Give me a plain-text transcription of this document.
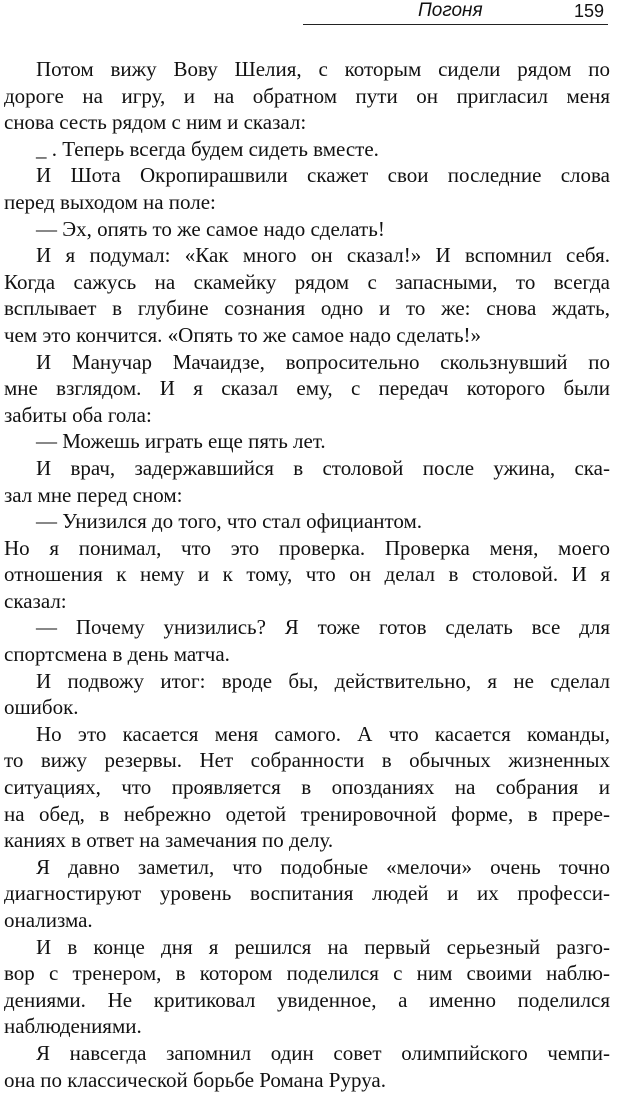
Погоня	159
Потом вижу Вову Шелия, с которым сидели рядом по
дороге на игру, и на обратном пути он пригласил меня
снова сесть рядом с ним и сказал:
_ . Теперь всегда будем сидеть вместе.
И Шота Окропирашвили скажет свои последние слова
перед выходом на поле:
— Эх, опять то же самое надо сделать!
И я подумал: «Как много он сказал!» И вспомнил себя.
Когда сажусь на скамейку рядом с запасными, то всегда
всплывает в глубине сознания одно и то же: снова ждать,
чем это кончится. «Опять то же самое надо сделать!»
И Манучар Мачаидзе, вопросительно скользнувший по
мне взглядом. И я сказал ему, с передач которого были
забиты оба гола:
— Можешь играть еще пять лет.
И врач, задержавшийся в столовой после ужина, ска-
зал мне перед сном:
— Унизился до того, что стал официантом.
Но я понимал, что это проверка. Проверка меня, моего
отношения к нему и к тому, что он делал в столовой. И я
сказал:
— Почему унизились? Я тоже готов сделать все для
спортсмена в день матча.
И подвожу итог: вроде бы, действительно, я не сделал
ошибок.
Но это касается меня самого. А что касается команды,
то вижу резервы. Нет собранности в обычных жизненных
ситуациях, что проявляется в опозданиях на собрания и
на обед, в небрежно одетой тренировочной форме, в прере-
каниях в ответ на замечания по делу.
Я давно заметил, что подобные «мелочи» очень точно
диагностируют уровень воспитания людей и их професси-
онализма.
И в конце дня я решился на первый серьезный разго-
вор с тренером, в котором поделился с ним своими наблю-
дениями. Не критиковал увиденное, а именно поделился
наблюдениями.
Я навсегда запомнил один совет олимпийского чемпи-
она по классической борьбе Романа Руруа.
